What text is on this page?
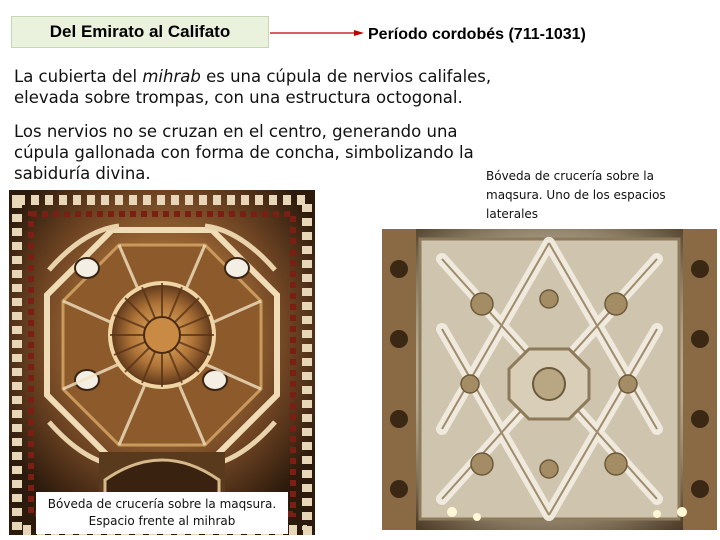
Del Emirato al Califato	Período cordobés (711-1031)

La cubierta del mihrab es una cúpula de nervios califales, elevada sobre trompas, con una estructura octogonal.

Los nervios no se cruzan en el centro, generando una cúpula gallonada con forma de concha, simbolizando la sabiduría divina.

Bóveda de crucería sobre la maqsura.
Espacio frente al mihrab
Bóveda de crucería sobre la maqsura. Uno de los espacios laterales
